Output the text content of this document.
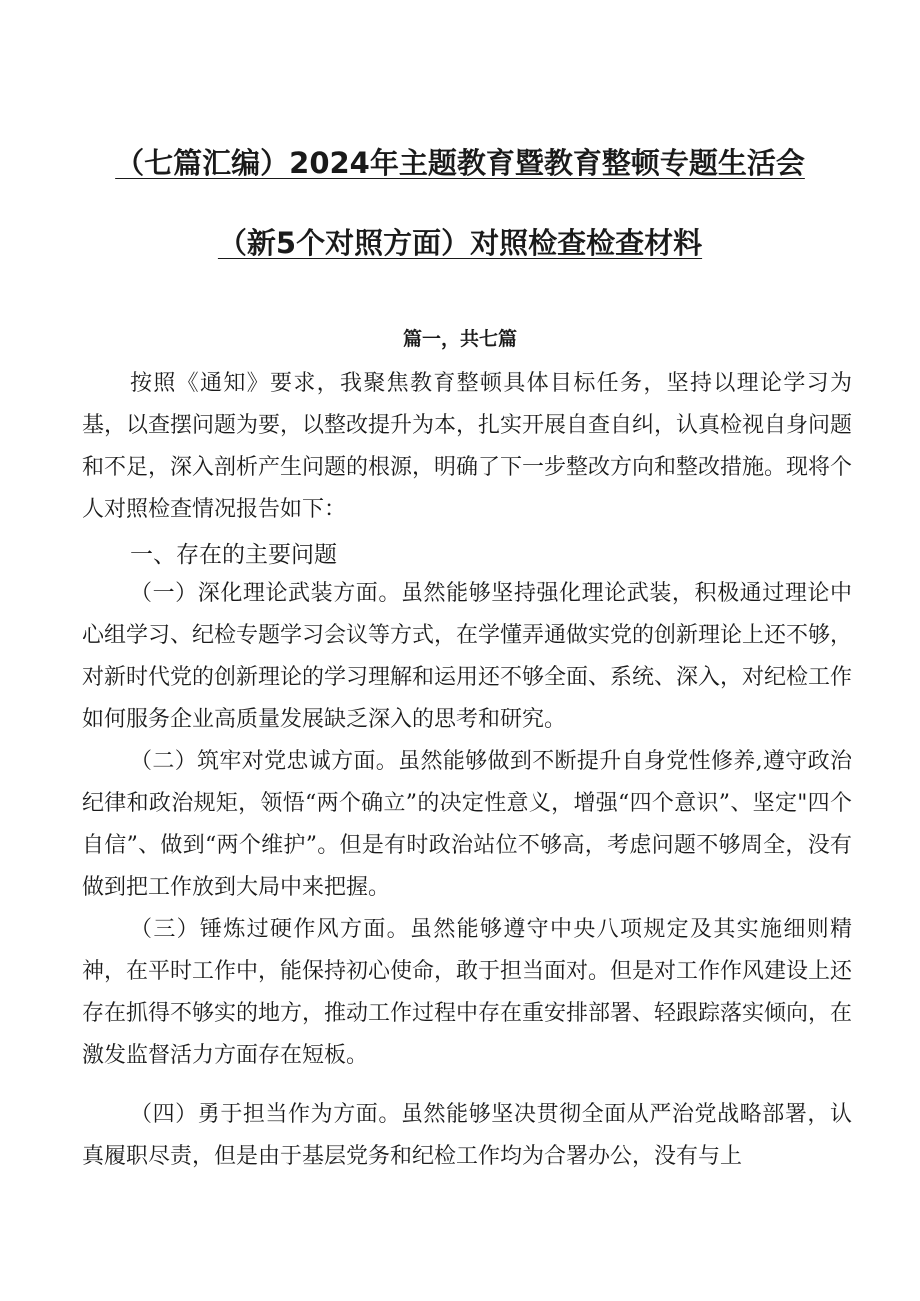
（七篇汇编）2024年主题教育暨教育整顿专题生活会
（新5个对照方面）对照检查检查材料
篇一，共七篇

按照《通知》要求，我聚焦教育整顿具体目标任务，坚持以理论学习为基，以查摆问题为要，以整改提升为本，扎实开展自查自纠，认真检视自身问题和不足，深入剖析产生问题的根源，明确了下一步整改方向和整改措施。现将个人对照检查情况报告如下：

一、存在的主要问题

（一）深化理论武装方面。虽然能够坚持强化理论武装，积极通过理论中心组学习、纪检专题学习会议等方式，在学懂弄通做实党的创新理论上还不够，对新时代党的创新理论的学习理解和运用还不够全面、系统、深入，对纪检工作如何服务企业高质量发展缺乏深入的思考和研究。

（二）筑牢对党忠诚方面。虽然能够做到不断提升自身党性修养,遵守政治纪律和政治规矩，领悟“两个确立”的决定性意义，增强“四个意识”、坚定"四个自信”、做到“两个维护”。但是有时政治站位不够高，考虑问题不够周全，没有做到把工作放到大局中来把握。

（三）锤炼过硬作风方面。虽然能够遵守中央八项规定及其实施细则精神，在平时工作中，能保持初心使命，敢于担当面对。但是对工作作风建设上还存在抓得不够实的地方，推动工作过程中存在重安排部署、轻跟踪落实倾向，在激发监督活力方面存在短板。

（四）勇于担当作为方面。虽然能够坚决贯彻全面从严治党战略部署，认真履职尽责，但是由于基层党务和纪检工作均为合署办公，没有与上
